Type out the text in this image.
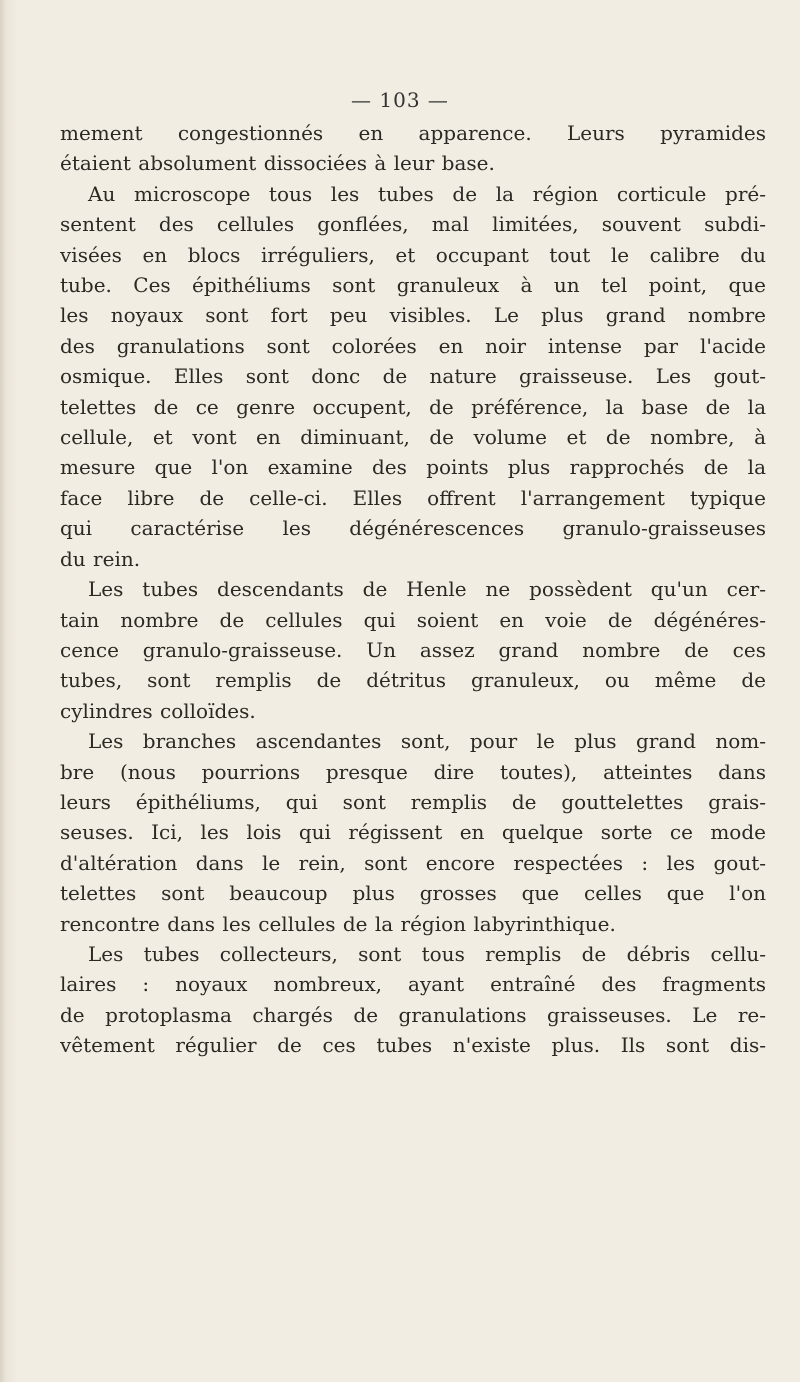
— 103 —

mement congestionnés en apparence. Leurs pyramides
étaient absolument dissociées à leur base.

Au microscope tous les tubes de la région corticule pré-
sentent des cellules gonflées, mal limitées, souvent subdi-
visées en blocs irréguliers, et occupant tout le calibre du
tube. Ces épithéliums sont granuleux à un tel point, que
les noyaux sont fort peu visibles. Le plus grand nombre
des granulations sont colorées en noir intense par l'acide
osmique. Elles sont donc de nature graisseuse. Les gout-
telettes de ce genre occupent, de préférence, la base de la
cellule, et vont en diminuant, de volume et de nombre, à
mesure que l'on examine des points plus rapprochés de la
face libre de celle-ci. Elles offrent l'arrangement typique
qui caractérise les dégénérescences granulo-graisseuses
du rein.

Les tubes descendants de Henle ne possèdent qu'un cer-
tain nombre de cellules qui soient en voie de dégénéres-
cence granulo-graisseuse. Un assez grand nombre de ces
tubes, sont remplis de détritus granuleux, ou même de
cylindres colloïdes.

Les branches ascendantes sont, pour le plus grand nom-
bre (nous pourrions presque dire toutes), atteintes dans
leurs épithéliums, qui sont remplis de gouttelettes grais-
seuses. Ici, les lois qui régissent en quelque sorte ce mode
d'altération dans le rein, sont encore respectées : les gout-
telettes sont beaucoup plus grosses que celles que l'on
rencontre dans les cellules de la région labyrinthique.

Les tubes collecteurs, sont tous remplis de débris cellu-
laires : noyaux nombreux, ayant entraîné des fragments
de protoplasma chargés de granulations graisseuses. Le re-
vêtement régulier de ces tubes n'existe plus. Ils sont dis-
